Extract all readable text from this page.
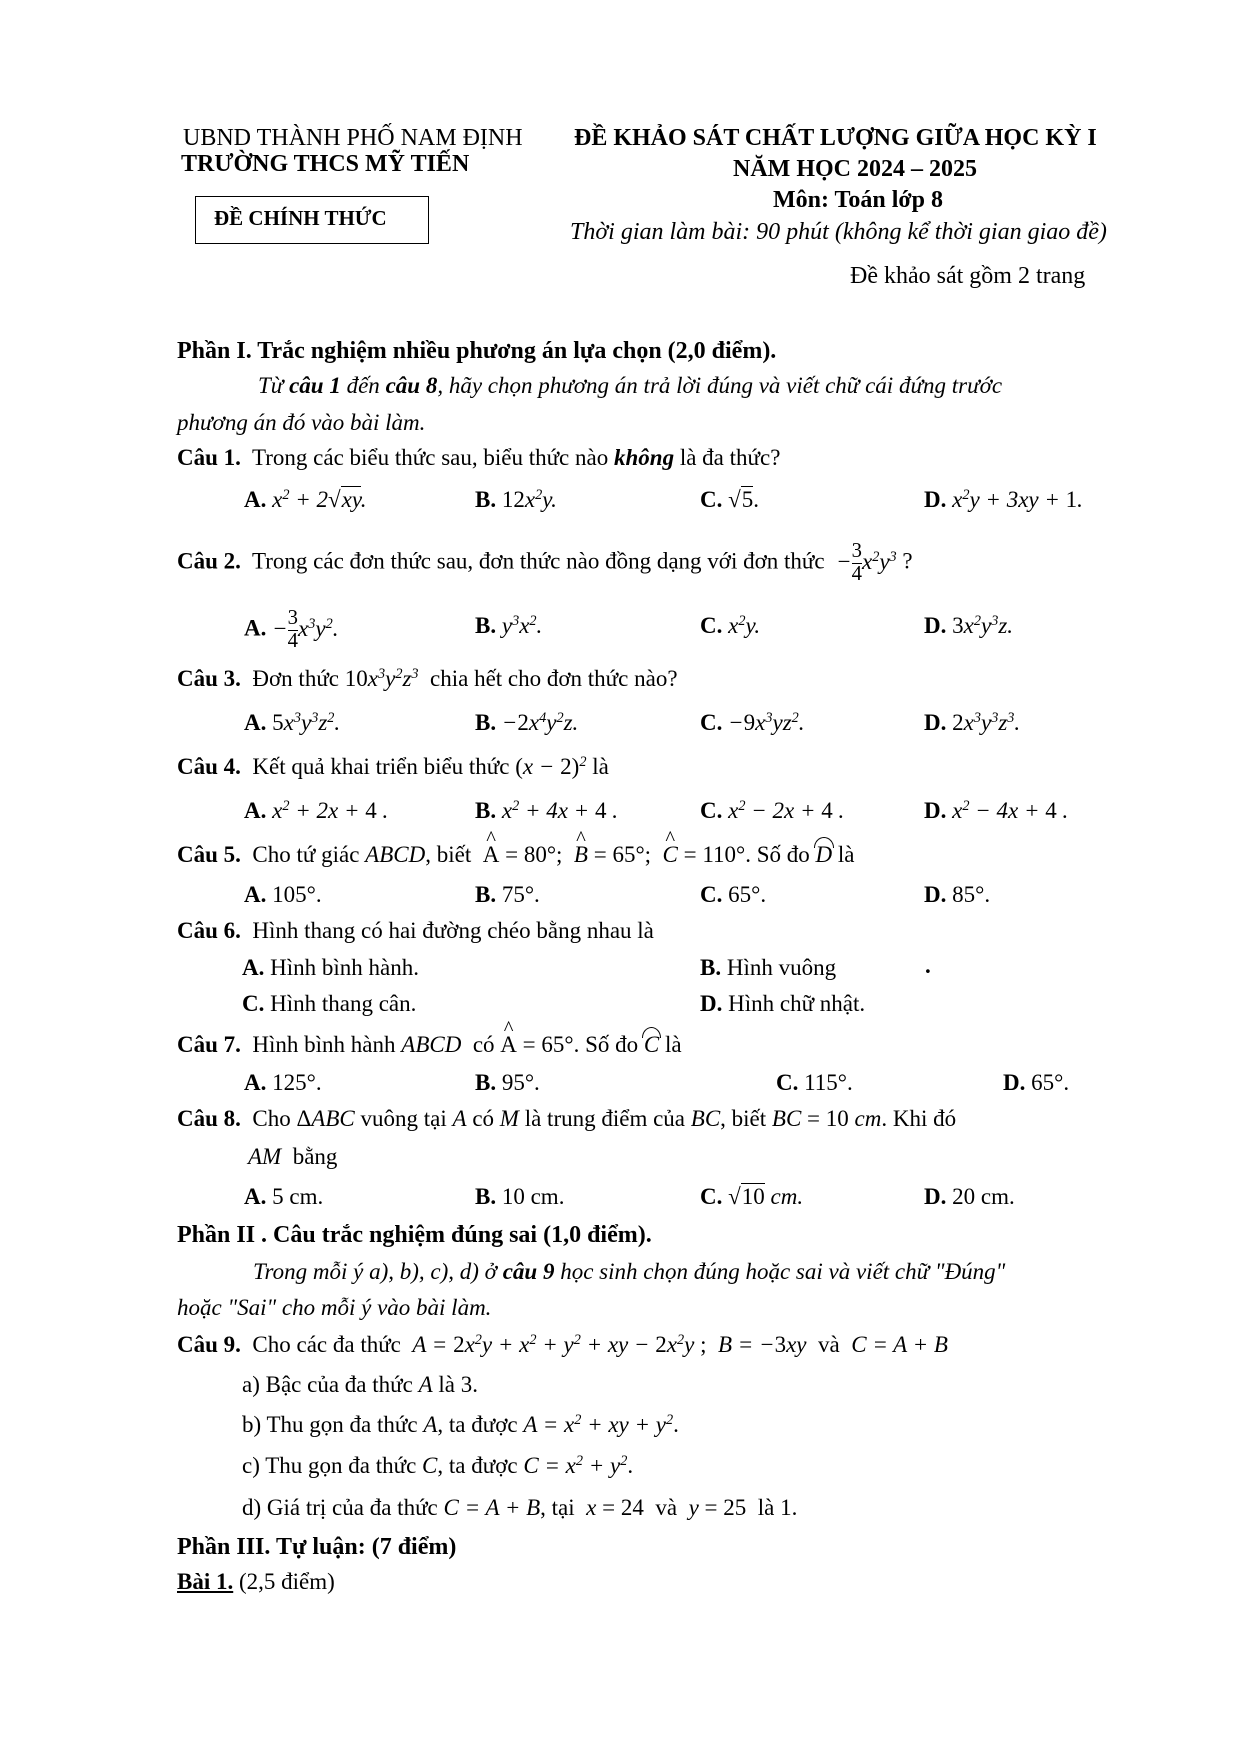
UBND THÀNH PHỐ NAM ĐỊNH
TRƯỜNG THCS MỸ TIẾN
ĐỀ CHÍNH THỨC
ĐỀ KHẢO SÁT CHẤT LƯỢNG GIỮA HỌC KỲ I
NĂM HỌC 2024 – 2025
Môn: Toán lớp 8
Thời gian làm bài: 90 phút (không kể thời gian giao đề)
Đề khảo sát gồm 2 trang
Phần I. Trắc nghiệm nhiều phương án lựa chọn (2,0 điểm).
Từ câu 1 đến câu 8, hãy chọn phương án trả lời đúng và viết chữ cái đứng trước
phương án đó vào bài làm.
Câu 1. Trong các biểu thức sau, biểu thức nào không là đa thức?
A. $x^2 + 2√xy$.	B. $12x^2y$.	C. √5.	D. $x^2y + 3xy + 1$.
Câu 2. Trong các đơn thức sau, đơn thức nào đồng dạng với đơn thức − $\frac{3}{4} x^2y^3$ ?
A. − $\frac{3}{4} x^3y^2$.	B. $y^3x^2$.	C. $x^2y$.	D. $3x^2y^3z$.
Câu 3. Đơn thức $10x^3y^2z^3$ chia hết cho đơn thức nào?
A. $5x^3y^3z^2$.	B. $-2x^4y^2z$.	C. $-9x^3yz^2$.	D. $2x^3y^3z^3$.
Câu 4. Kết quả khai triển biểu thức $(x - 2)^2$ là
A. $x^2 + 2x + 4$ .	B. $x^2 + 4x + 4$ .	C. $x^2 - 2x + 4$ .	D. $x^2 - 4x + 4$ .
Câu 5. Cho tứ giác ABCD, biết ^ A = 80°;  ^ B = 65°;  ^ C = 110°. Số đo D là
A. 105°.	B. 75°.	C. 65°.	D. 85°.
Câu 6. Hình thang có hai đường chéo bằng nhau là
A. Hình bình hành.	B. Hình vuông	.
C. Hình thang cân.	D. Hình chữ nhật.
Câu 7. Hình bình hành ABCD có ^ A = 65°. Số đo C là
A. 125°.	B. 95°.	C. 115°.	D. 65°.
Câu 8. Cho ΔABC vuông tại A có M là trung điểm của BC, biết BC = 10 cm. Khi đó
AM bằng
A. 5 cm.	B. 10 cm.	C. √10 cm.	D. 20 cm.
Phần II . Câu trắc nghiệm đúng sai (1,0 điểm).
Trong mỗi ý a), b), c), d) ở câu 9 học sinh chọn đúng hoặc sai và viết chữ "Đúng"
hoặc "Sai" cho mỗi ý vào bài làm.
Câu 9. Cho các đa thức $A = 2x^2y + x^2 + y^2$ + xy − $2x^2y$ ;  B = −3xy và C = A + B
a) Bậc của đa thức A là 3.
b) Thu gọn đa thức A, ta được $A = x^2$ + xy + $y^2$.
c) Thu gọn đa thức C, ta được $C = x^2 + y^2$.
d) Giá trị của đa thức C = A + B, tại x = 24  và y = 25  là 1.
Phần III. Tự luận: (7 điểm)
Bài 1. (2,5 điểm)
